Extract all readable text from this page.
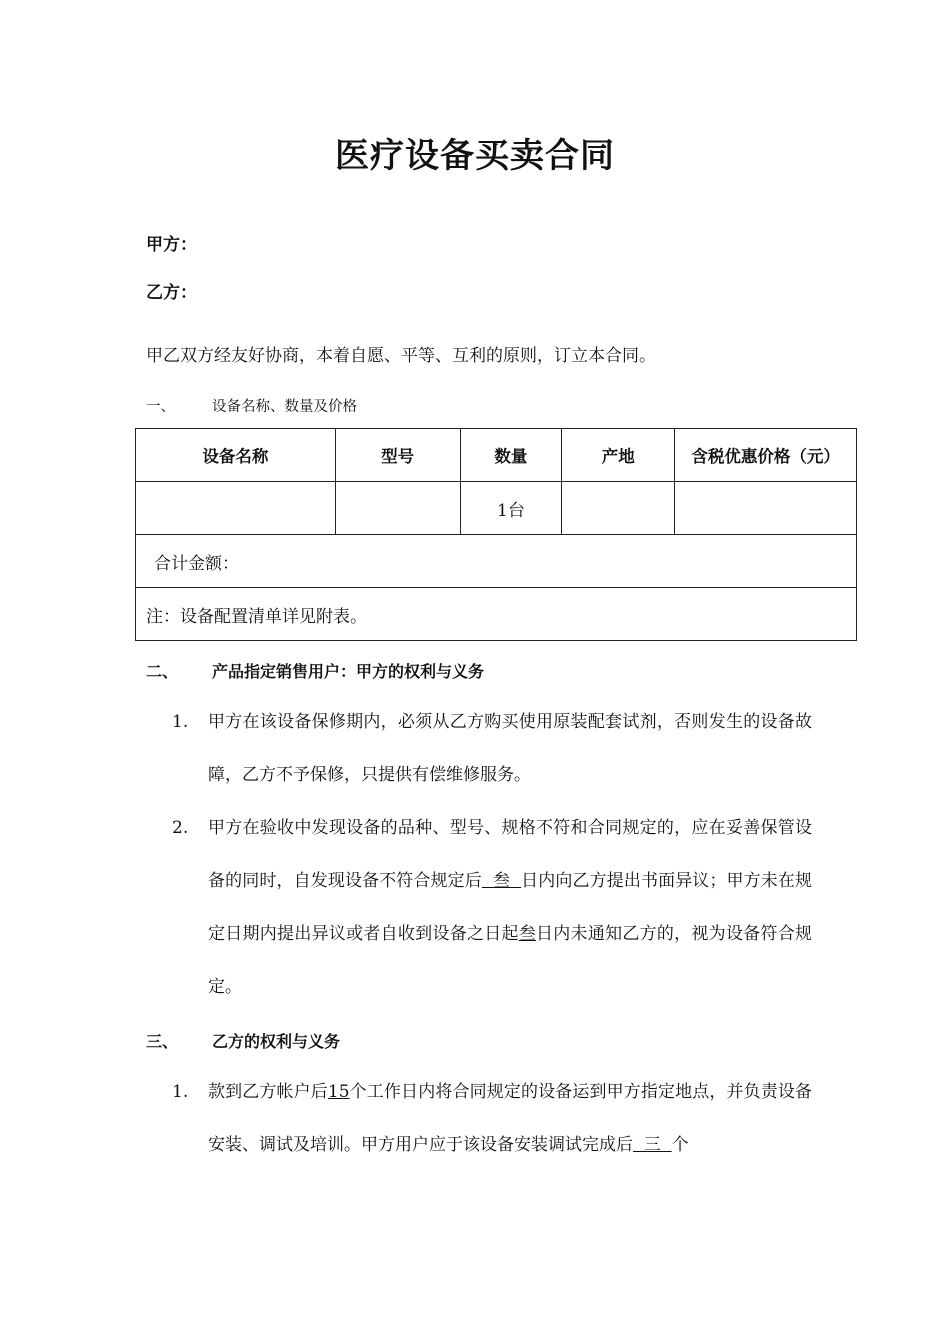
医疗设备买卖合同
甲方：
乙方：
甲乙双方经友好协商，本着自愿、平等、互利的原则，订立本合同。
一、	设备名称、数量及价格
设备名称	型号	数量	产地	含税优惠价格（元）
		1台		
合计金额：				
注：设备配置清单详见附表。				
二、	产品指定销售用户：甲方的权利与义务
1. 甲方在该设备保修期内，必须从乙方购买使用原装配套试剂，否则发生的设备故障，乙方不予保修，只提供有偿维修服务。
2. 甲方在验收中发现设备的品种、型号、规格不符和合同规定的，应在妥善保管设备的同时，自发现设备不符合规定后  叁  日内向乙方提出书面异议；甲方未在规定日期内提出异议或者自收到设备之日起叁日内未通知乙方的，视为设备符合规定。
三、	乙方的权利与义务
1. 款到乙方帐户后15个工作日内将合同规定的设备运到甲方指定地点，并负责设备安装、调试及培训。甲方用户应于该设备安装调试完成后  三  个
